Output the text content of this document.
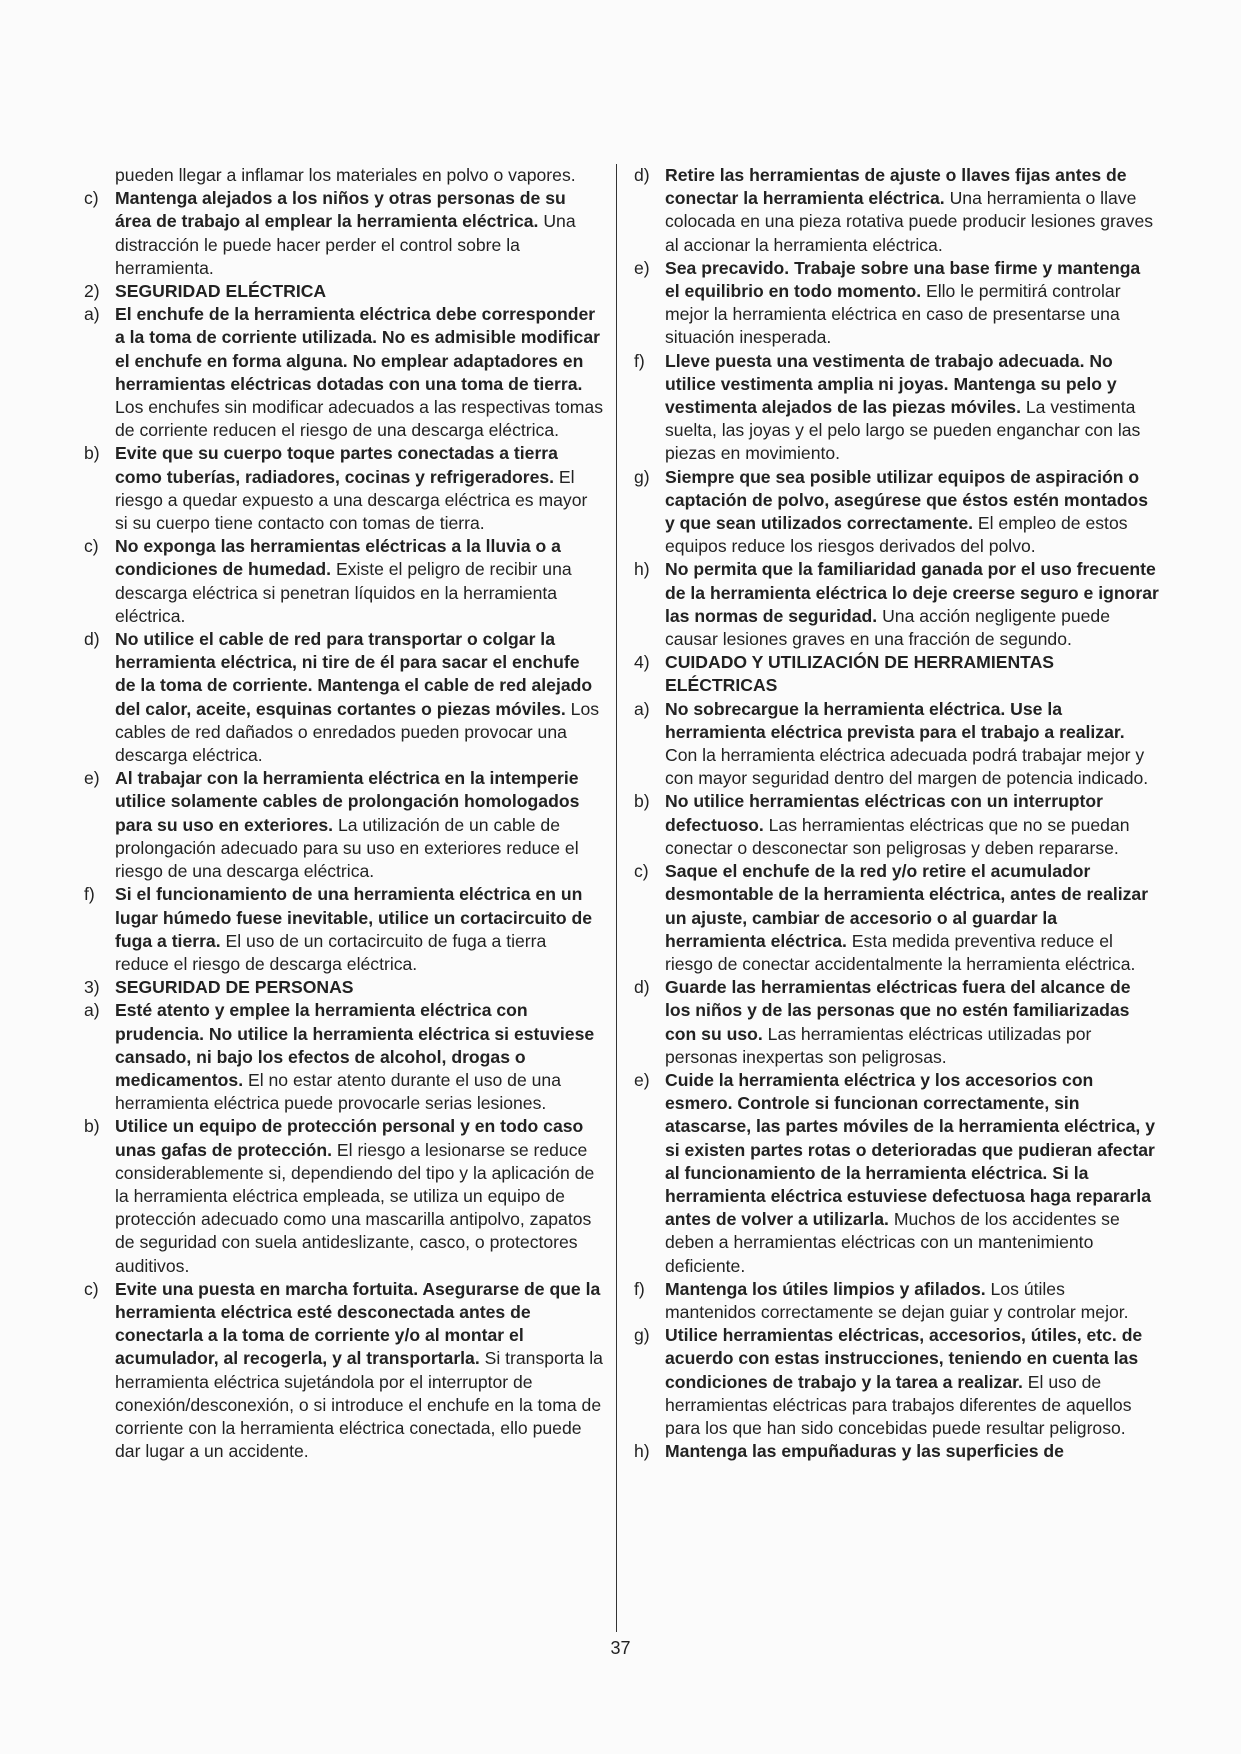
pueden llegar a inflamar los materiales en polvo o vapores.

c) Mantenga alejados a los niños y otras personas de su área de trabajo al emplear la herramienta eléctrica. Una distracción le puede hacer perder el control sobre la herramienta.
2) SEGURIDAD ELÉCTRICA
a) El enchufe de la herramienta eléctrica debe corresponder a la toma de corriente utilizada. No es admisible modificar el enchufe en forma alguna. No emplear adaptadores en herramientas eléctricas dotadas con una toma de tierra. Los enchufes sin modificar adecuados a las respectivas tomas de corriente reducen el riesgo de una descarga eléctrica.
b) Evite que su cuerpo toque partes conectadas a tierra como tuberías, radiadores, cocinas y refrigeradores. El riesgo a quedar expuesto a una descarga eléctrica es mayor si su cuerpo tiene contacto con tomas de tierra.
c) No exponga las herramientas eléctricas a la lluvia o a condiciones de humedad. Existe el peligro de recibir una descarga eléctrica si penetran líquidos en la herramienta eléctrica.
d) No utilice el cable de red para transportar o colgar la herramienta eléctrica, ni tire de él para sacar el enchufe de la toma de corriente. Mantenga el cable de red alejado del calor, aceite, esquinas cortantes o piezas móviles. Los cables de red dañados o enredados pueden provocar una descarga eléctrica.
e) Al trabajar con la herramienta eléctrica en la intemperie utilice solamente cables de prolongación homologados para su uso en exteriores. La utilización de un cable de prolongación adecuado para su uso en exteriores reduce el riesgo de una descarga eléctrica.
f)	Si el funcionamiento de una herramienta eléctrica en un lugar húmedo fuese inevitable, utilice un cortacircuito de fuga a tierra. El uso de un cortacircuito de fuga a tierra reduce el riesgo de descarga eléctrica.
3) SEGURIDAD DE PERSONAS
a) Esté atento y emplee la herramienta eléctrica con prudencia. No utilice la herramienta eléctrica si estuviese cansado, ni bajo los efectos de alcohol, drogas o medicamentos. El no estar atento durante el uso de una herramienta eléctrica puede provocarle serias lesiones.
b) Utilice un equipo de protección personal y en todo caso unas gafas de protección. El riesgo a lesionarse se reduce considerablemente si, dependiendo del tipo y la aplicación de la herramienta eléctrica empleada, se utiliza un equipo de protección adecuado como una mascarilla antipolvo, zapatos de seguridad con suela antideslizante, casco, o protectores auditivos.
c) Evite una puesta en marcha fortuita. Asegurarse de que la herramienta eléctrica esté desconectada antes de conectarla a la toma de corriente y/o al montar el acumulador, al recogerla, y al transportarla. Si transporta la herramienta eléctrica sujetándola por el interruptor de conexión/desconexión, o si introduce el enchufe en la toma de corriente con la herramienta eléctrica conectada, ello puede dar lugar a un accidente.
d) Retire las herramientas de ajuste o llaves fijas antes de conectar la herramienta eléctrica. Una herramienta o llave colocada en una pieza rotativa puede producir lesiones graves al accionar la herramienta eléctrica.
e) Sea precavido. Trabaje sobre una base firme y mantenga el equilibrio en todo momento. Ello le permitirá controlar mejor la herramienta eléctrica en caso de presentarse una situación inesperada.
f)	Lleve puesta una vestimenta de trabajo adecuada. No utilice vestimenta amplia ni joyas. Mantenga su pelo y vestimenta alejados de las piezas móviles. La vestimenta suelta, las joyas y el pelo largo se pueden enganchar con las piezas en movimiento.
g) Siempre que sea posible utilizar equipos de aspiración o captación de polvo, asegúrese que éstos estén montados y que sean utilizados correctamente. El empleo de estos equipos reduce los riesgos derivados del polvo.
h) No permita que la familiaridad ganada por el uso frecuente de la herramienta eléctrica lo deje creerse seguro e ignorar las normas de seguridad. Una acción negligente puede causar lesiones graves en una fracción de segundo.
4) CUIDADO Y UTILIZACIÓN DE HERRAMIENTAS ELÉCTRICAS
a) No sobrecargue la herramienta eléctrica. Use la herramienta eléctrica prevista para el trabajo a realizar. Con la herramienta eléctrica adecuada podrá trabajar mejor y con mayor seguridad dentro del margen de potencia indicado.
b) No utilice herramientas eléctricas con un interruptor defectuoso. Las herramientas eléctricas que no se puedan conectar o desconectar son peligrosas y deben repararse.
c) Saque el enchufe de la red y/o retire el acumulador desmontable de la herramienta eléctrica, antes de realizar un ajuste, cambiar de accesorio o al guardar la herramienta eléctrica. Esta medida preventiva reduce el riesgo de conectar accidentalmente la herramienta eléctrica.
d) Guarde las herramientas eléctricas fuera del alcance de los niños y de las personas que no estén familiarizadas con su uso. Las herramientas eléctricas utilizadas por personas inexpertas son peligrosas.
e) Cuide la herramienta eléctrica y los accesorios con esmero. Controle si funcionan correctamente, sin atascarse, las partes móviles de la herramienta eléctrica, y si existen partes rotas o deterioradas que pudieran afectar al funcionamiento de la herramienta eléctrica. Si la herramienta eléctrica estuviese defectuosa haga repararla antes de volver a utilizarla. Muchos de los accidentes se deben a herramientas eléctricas con un mantenimiento deficiente.
f)	Mantenga los útiles limpios y afilados. Los útiles mantenidos correctamente se dejan guiar y controlar mejor.
g) Utilice herramientas eléctricas, accesorios, útiles, etc. de acuerdo con estas instrucciones, teniendo en cuenta las condiciones de trabajo y la tarea a realizar. El uso de herramientas eléctricas para trabajos diferentes de aquellos para los que han sido concebidas puede resultar peligroso.
h) Mantenga las empuñaduras y las superficies de
37
